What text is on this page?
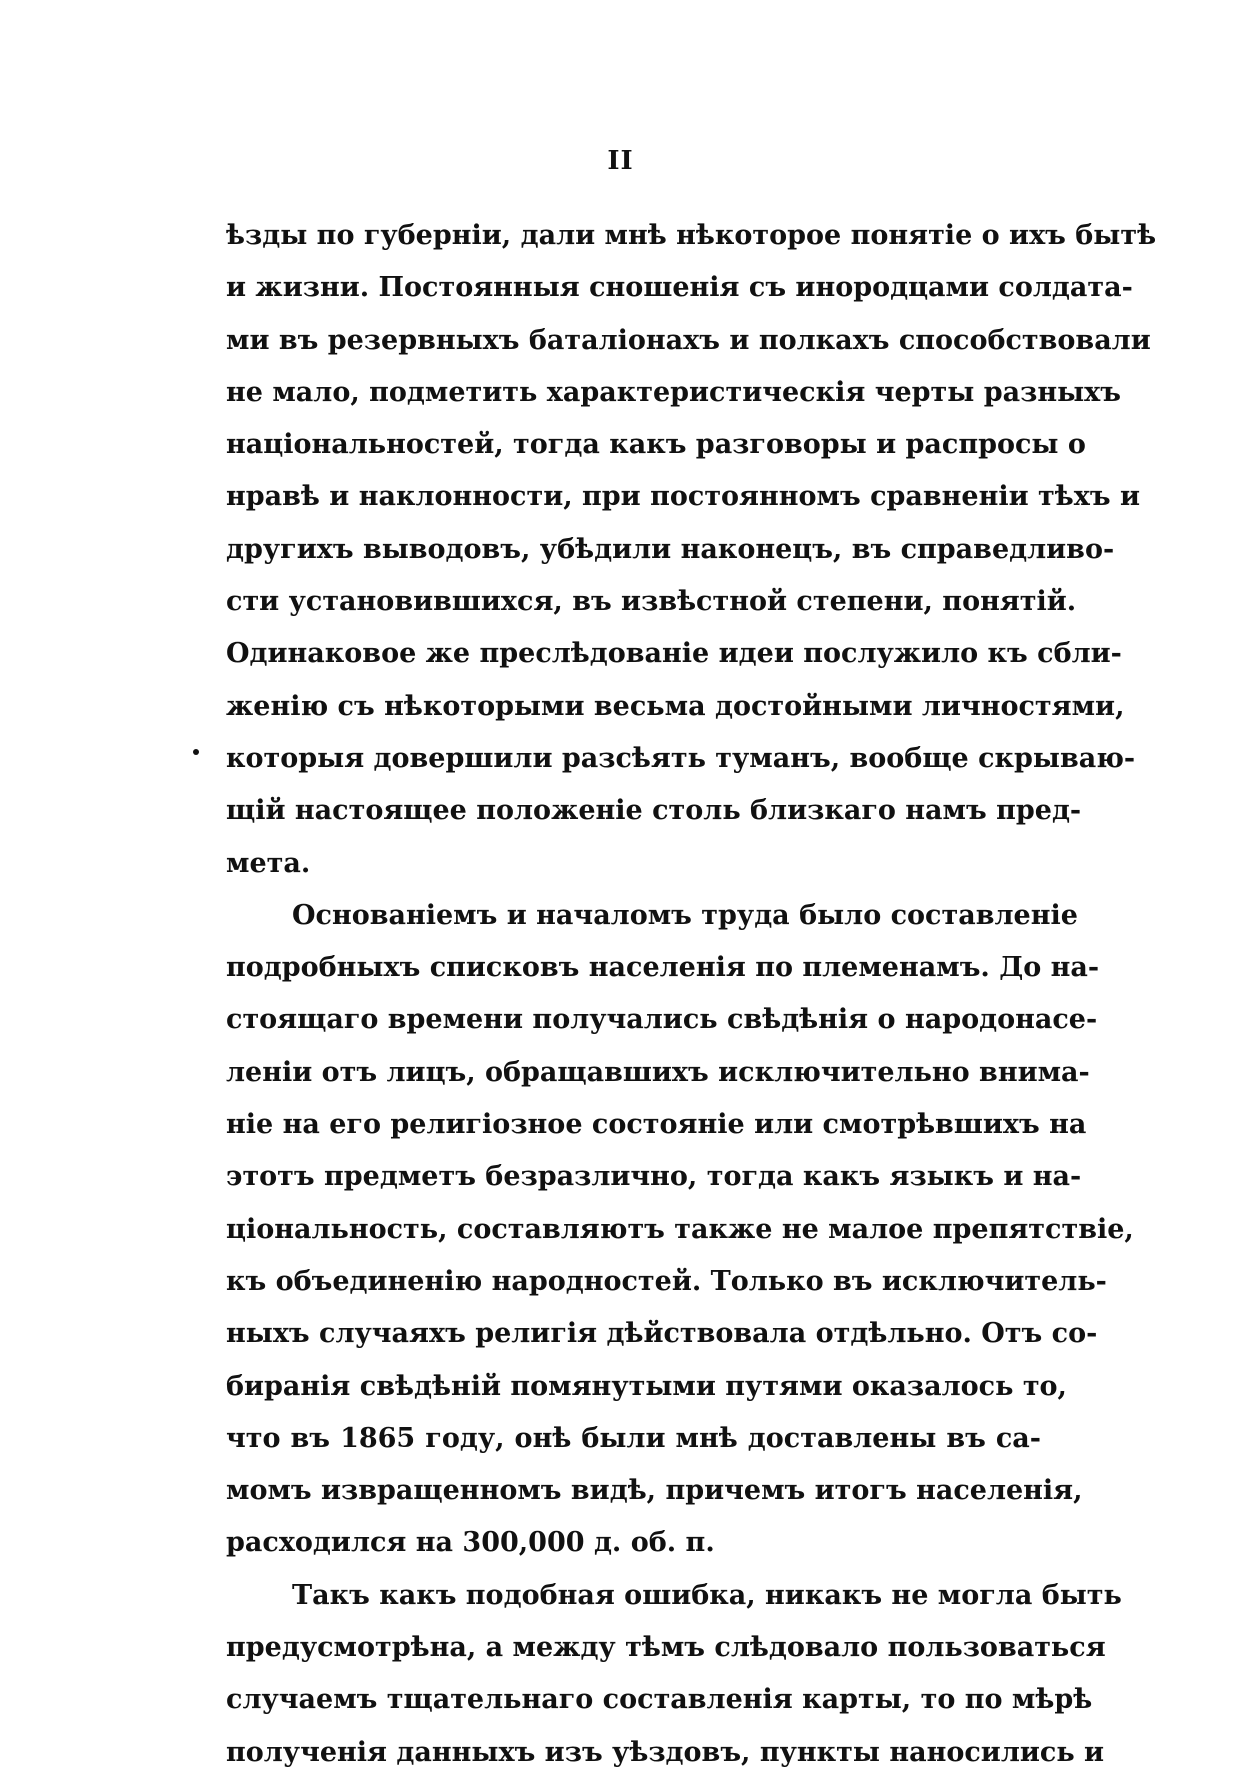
II
ѣзды по губерніи, дали мнѣ нѣкоторое понятіе о ихъ бытѣ
и жизни. Постоянныя сношенія съ инородцами солдата-
ми въ резервныхъ баталіонахъ и полкахъ способствовали
не мало, подметить характеристическія черты разныхъ
національностей, тогда какъ разговоры и распросы о
нравѣ и наклонности, при постоянномъ сравненіи тѣхъ и
другихъ выводовъ, убѣдили наконецъ, въ справедливо-
сти установившихся, въ извѣстной степени, понятій.
Одинаковое же преслѣдованіе идеи послужило къ сбли-
женію съ нѣкоторыми весьма достойными личностями,
которыя довершили разсѣять туманъ, вообще скрываю-
щій настоящее положеніе столь близкаго намъ пред-
мета.
Основаніемъ и началомъ труда было составленіе
подробныхъ списковъ населенія по племенамъ. До на-
стоящаго времени получались свѣдѣнія о народонасе-
леніи отъ лицъ, обращавшихъ исключительно внима-
ніе на его религіозное состояніе или смотрѣвшихъ на
этотъ предметъ безразлично, тогда какъ языкъ и на-
ціональность, составляютъ также не малое препятствіе,
къ объединенію народностей. Только въ исключитель-
ныхъ случаяхъ религія дѣйствовала отдѣльно. Отъ со-
биранія свѣдѣній помянутыми путями оказалось то,
что въ 1865 году, онѣ были мнѣ доставлены въ са-
момъ извращенномъ видѣ, причемъ итогъ населенія,
расходился на 300,000 д. об. п.
Такъ какъ подобная ошибка, никакъ не могла быть
предусмотрѣна, а между тѣмъ слѣдовало пользоваться
случаемъ тщательнаго составленія карты, то по мѣрѣ
полученія данныхъ изъ уѣздовъ, пункты наносились и
